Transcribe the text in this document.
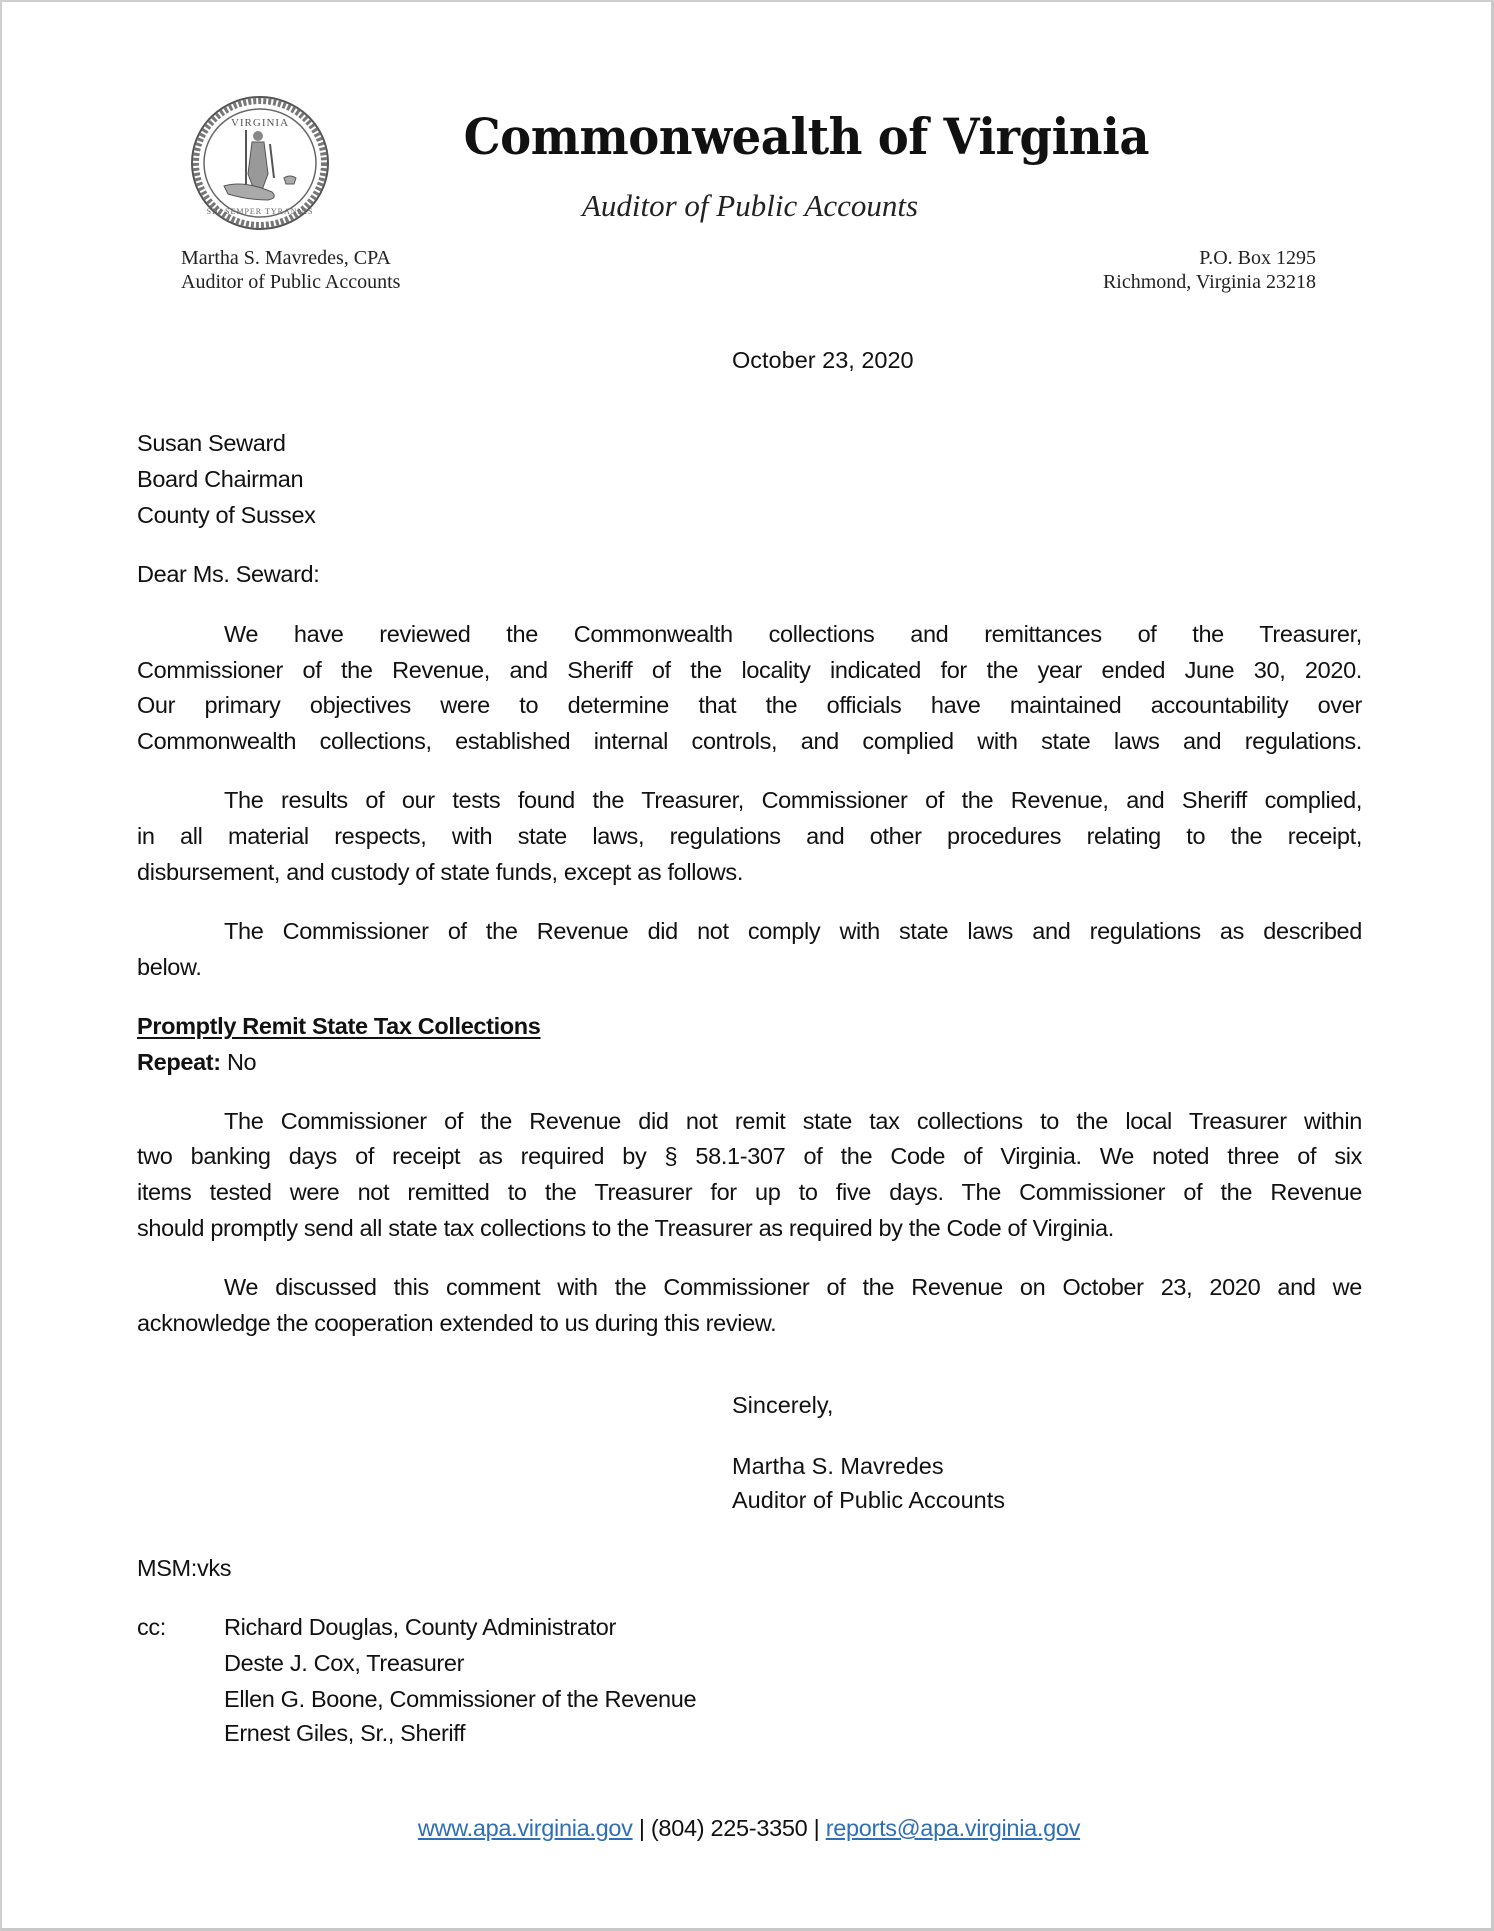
VIRGINIA
SIC SEMPER TYRANNIS
Commonwealth of Virginia
Auditor of Public Accounts
Martha S. Mavredes, CPA
Auditor of Public Accounts
P.O. Box 1295
Richmond, Virginia 23218
October 23, 2020
Susan Seward
Board Chairman
County of Sussex
Dear Ms. Seward:
We have reviewed the Commonwealth collections and remittances of the Treasurer,
Commissioner of the Revenue, and Sheriff of the locality indicated for the year ended June 30, 2020.
Our primary objectives were to determine that the officials have maintained accountability over
Commonwealth collections, established internal controls, and complied with state laws and regulations.
The results of our tests found the Treasurer, Commissioner of the Revenue, and Sheriff complied,
in all material respects, with state laws, regulations and other procedures relating to the receipt,
disbursement, and custody of state funds, except as follows.
The Commissioner of the Revenue did not comply with state laws and regulations as described
below.
Promptly Remit State Tax Collections
Repeat: No
The Commissioner of the Revenue did not remit state tax collections to the local Treasurer within
two banking days of receipt as required by § 58.1-307 of the Code of Virginia. We noted three of six
items tested were not remitted to the Treasurer for up to five days. The Commissioner of the Revenue
should promptly send all state tax collections to the Treasurer as required by the Code of Virginia.
We discussed this comment with the Commissioner of the Revenue on October 23, 2020 and we
acknowledge the cooperation extended to us during this review.
Sincerely,
Martha S. Mavredes
Auditor of Public Accounts
MSM:vks
cc: Richard Douglas, County Administrator
Deste J. Cox, Treasurer
Ellen G. Boone, Commissioner of the Revenue
Ernest Giles, Sr., Sheriff
www.apa.virginia.gov | (804) 225-3350 | reports@apa.virginia.gov
